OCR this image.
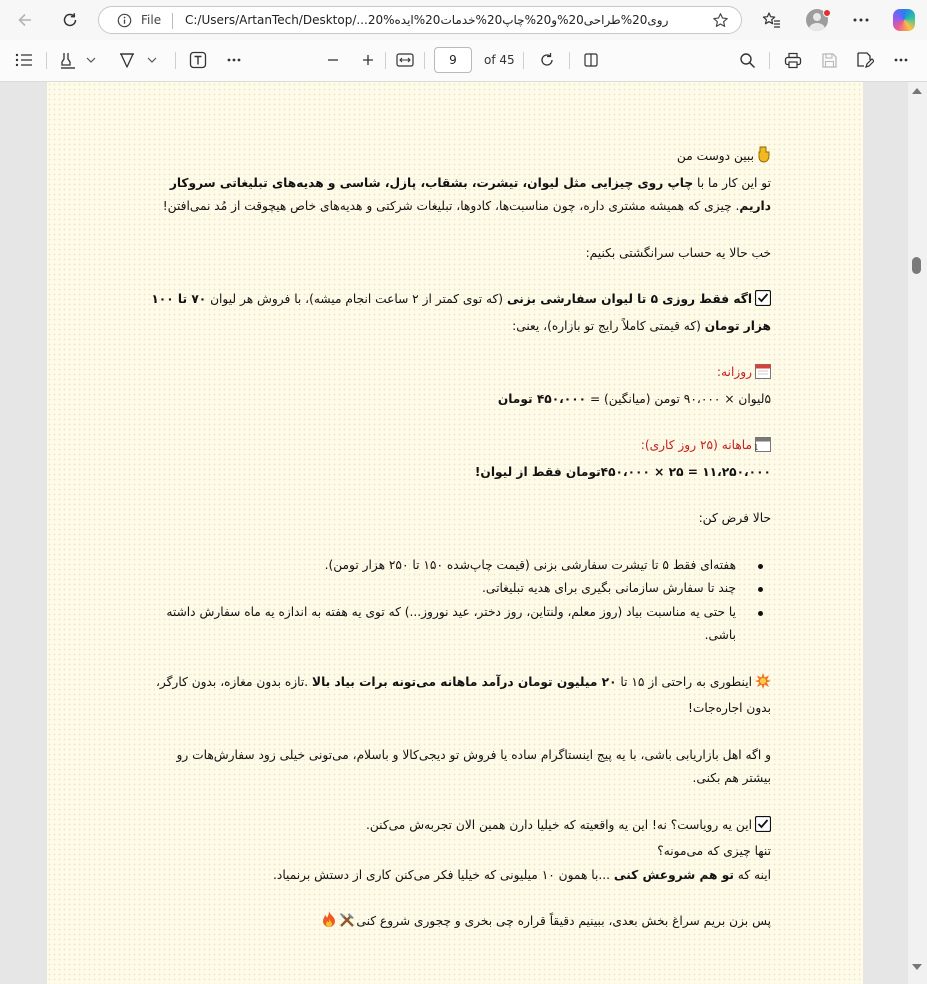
File C:/Users/ArtanTech/Desktop/...20%روی20%طراحی20%و20%چاپ20%خدمات20%ایده
9	of 45

ببین دوست من

تو این کار ما با چاپ روی چیزایی مثل لیوان، تیشرت، بشقاب، پازل، شاسی و هدیه‌های تبلیغاتی سروکار داریم. چیزی که همیشه مشتری داره، چون مناسبت‌ها، کادوها، تبلیغات شرکتی و هدیه‌های خاص هیچوقت از مُد نمی‌افتن!

خب حالا یه حساب سرانگشتی بکنیم:

اگه فقط روزی ۵ تا لیوان سفارشی بزنی (که توی کمتر از ۲ ساعت انجام میشه)، با فروش هر لیوان ۷۰ تا ۱۰۰ هزار تومان (که قیمتی کاملاً رایج تو بازاره)، یعنی:

روزانه:

۵لیوان × ۹۰،۰۰۰ تومن (میانگین) = ۴۵۰،۰۰۰ تومان

1
ماهانه (۲۵ روز کاری):

۱۱،۲۵۰،۰۰۰ = ۲۵ × ۴۵۰،۰۰۰تومان فقط از لیوان!

حالا فرض کن:

هفته‌ای فقط ۵ تا تیشرت سفارشی بزنی (قیمت چاپ‌شده ۱۵۰ تا ۲۵۰ هزار تومن).
چند تا سفارش سازمانی بگیری برای هدیه تبلیغاتی.
یا حتی یه مناسبت بیاد (روز معلم، ولنتاین، روز دختر، عید نوروز...) که توی یه هفته به اندازه یه ماه سفارش داشته باشی.

اینطوری به راحتی از ۱۵ تا ۲۰ میلیون تومان درآمد ماهانه می‌تونه برات بیاد بالا .تازه بدون مغازه، بدون کارگر، بدون اجاره‌جات!

و اگه اهل بازاریابی باشی، با یه پیج اینستاگرام ساده یا فروش تو دیجی‌کالا و باسلام، می‌تونی خیلی زود سفارش‌هات رو بیشتر هم بکنی.

این یه رویاست؟ نه! این یه واقعیته که خیلیا دارن همین الان تجربه‌ش می‌کنن.

تنها چیزی که می‌مونه؟

اینه که تو هم شروعش کنی ...با همون ۱۰ میلیونی که خیلیا فکر می‌کنن کاری از دستش برنمیاد.

پس بزن بریم سراغ بخش بعدی، ببینیم دقیقاً قراره چی بخری و چجوری شروع کنی
